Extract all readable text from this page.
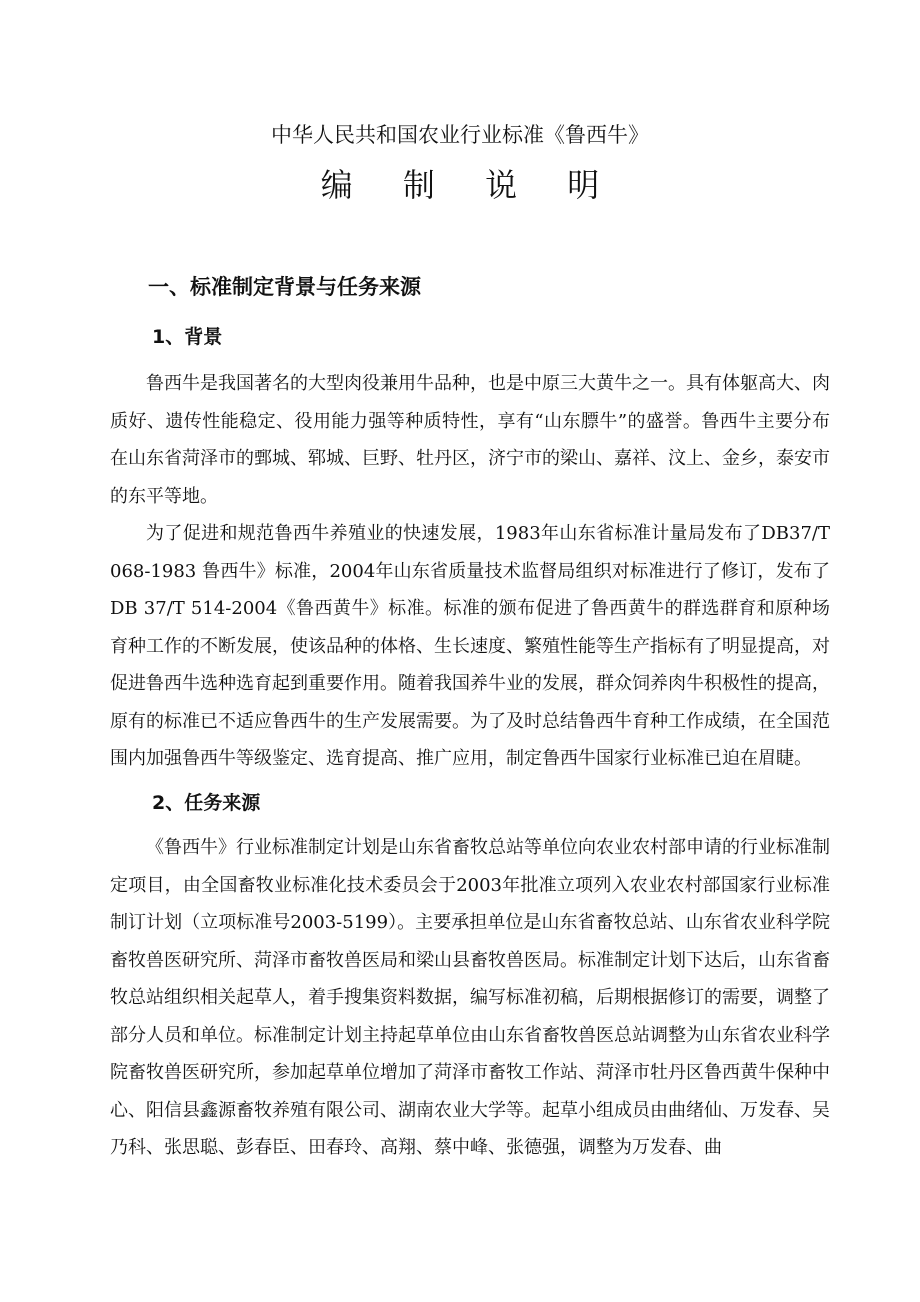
中华人民共和国农业行业标准《鲁西牛》
编 制 说 明
一、标准制定背景与任务来源
1、背景

鲁西牛是我国著名的大型肉役兼用牛品种，也是中原三大黄牛之一。具有体躯高大、肉质好、遗传性能稳定、役用能力强等种质特性，享有“山东膘牛”的盛誉。鲁西牛主要分布在山东省菏泽市的鄄城、郓城、巨野、牡丹区，济宁市的梁山、嘉祥、汶上、金乡，泰安市的东平等地。

为了促进和规范鲁西牛养殖业的快速发展，1983年山东省标准计量局发布了DB37/T 068-1983 鲁西牛》标准，2004年山东省质量技术监督局组织对标准进行了修订，发布了DB 37/T 514-2004《鲁西黄牛》标准。标准的颁布促进了鲁西黄牛的群选群育和原种场育种工作的不断发展，使该品种的体格、生长速度、繁殖性能等生产指标有了明显提高，对促进鲁西牛选种选育起到重要作用。随着我国养牛业的发展，群众饲养肉牛积极性的提高，原有的标准已不适应鲁西牛的生产发展需要。为了及时总结鲁西牛育种工作成绩，在全国范围内加强鲁西牛等级鉴定、选育提高、推广应用，制定鲁西牛国家行业标准已迫在眉睫。

2、任务来源

《鲁西牛》行业标准制定计划是山东省畜牧总站等单位向农业农村部申请的行业标准制定项目，由全国畜牧业标准化技术委员会于2003年批准立项列入农业农村部国家行业标准制订计划（立项标准号2003-5199）。主要承担单位是山东省畜牧总站、山东省农业科学院畜牧兽医研究所、菏泽市畜牧兽医局和梁山县畜牧兽医局。标准制定计划下达后，山东省畜牧总站组织相关起草人，着手搜集资料数据，编写标准初稿，后期根据修订的需要，调整了部分人员和单位。标准制定计划主持起草单位由山东省畜牧兽医总站调整为山东省农业科学院畜牧兽医研究所，参加起草单位增加了菏泽市畜牧工作站、菏泽市牡丹区鲁西黄牛保种中心、阳信县鑫源畜牧养殖有限公司、湖南农业大学等。起草小组成员由曲绪仙、万发春、吴乃科、张思聪、彭春臣、田春玲、高翔、蔡中峰、张德强，调整为万发春、曲
